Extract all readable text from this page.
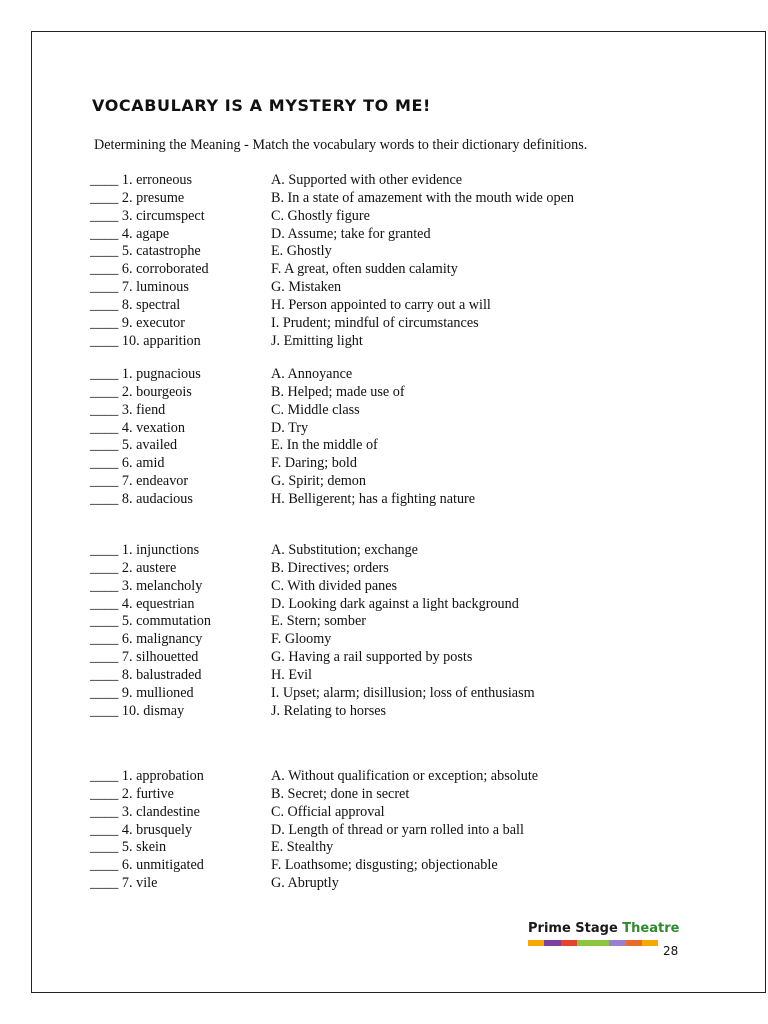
VOCABULARY IS A MYSTERY TO ME!

Determining the Meaning - Match the vocabulary words to their dictionary definitions.

____ 1. erroneous	A. Supported with other evidence
____ 2. presume	B. In a state of amazement with the mouth wide open
____ 3. circumspect	C. Ghostly figure
____ 4. agape	D. Assume; take for granted
____ 5. catastrophe	E. Ghostly
____ 6. corroborated	F. A great, often sudden calamity
____ 7. luminous	G. Mistaken
____ 8. spectral	H. Person appointed to carry out a will
____ 9. executor	I. Prudent; mindful of circumstances
____ 10. apparition	J. Emitting light
____ 1. pugnacious	A. Annoyance
____ 2. bourgeois	B. Helped; made use of
____ 3. fiend	C. Middle class
____ 4. vexation	D. Try
____ 5. availed	E. In the middle of
____ 6. amid	F. Daring; bold
____ 7. endeavor	G. Spirit; demon
____ 8. audacious	H. Belligerent; has a fighting nature
____ 1. injunctions	A. Substitution; exchange
____ 2. austere	B. Directives; orders
____ 3. melancholy	C. With divided panes
____ 4. equestrian	D. Looking dark against a light background
____ 5. commutation	E. Stern; somber
____ 6. malignancy	F. Gloomy
____ 7. silhouetted	G. Having a rail supported by posts
____ 8. balustraded	H. Evil
____ 9. mullioned	I. Upset; alarm; disillusion; loss of enthusiasm
____ 10. dismay	J. Relating to horses
____ 1. approbation	A. Without qualification or exception; absolute
____ 2. furtive	B. Secret; done in secret
____ 3. clandestine	C. Official approval
____ 4. brusquely	D. Length of thread or yarn rolled into a ball
____ 5. skein	E. Stealthy
____ 6. unmitigated	F. Loathsome; disgusting; objectionable
____ 7. vile	G. Abruptly
Prime Stage Theatre
28
